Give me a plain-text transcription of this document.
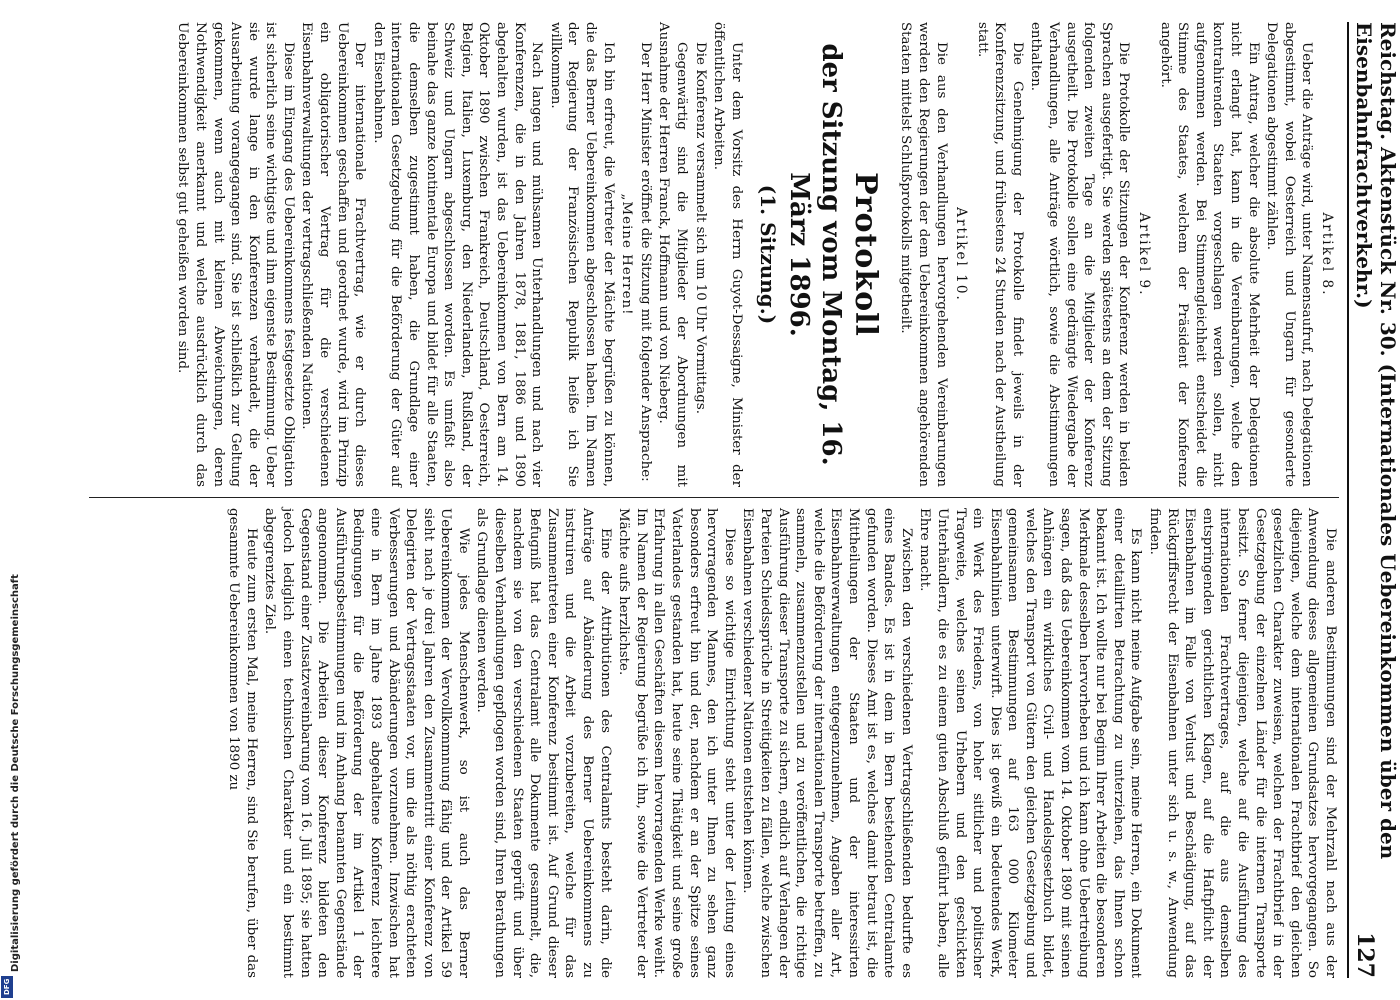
Reichstag. Aktenstück Nr. 30. (Internationales Uebereinkommen über den Eisenbahnfrachtverkehr.)
127
Artikel 8.

Ueber die Anträge wird, unter Namensaufruf, nach Delegationen abgestimmt, wobei Oesterreich und Ungarn für gesonderte Delegationen abgestimmt zählen.

Ein Antrag, welcher die absolute Mehrheit der Delegationen nicht erlangt hat, kann in die Vereinbarungen, welche den kontrahirenden Staaten vorgeschlagen werden sollen, nicht aufgenommen werden. Bei Stimmengleichheit entscheidet die Stimme des Staates, welchem der Präsident der Konferenz angehört.

Artikel 9.

Die Protokolle der Sitzungen der Konferenz werden in beiden Sprachen ausgefertigt. Sie werden spätestens an dem der Sitzung folgenden zweiten Tage an die Mitglieder der Konferenz ausgetheilt. Die Protokolle sollen eine gedrängte Wiedergabe der Verhandlungen, alle Anträge wörtlich, sowie die Abstimmungen enthalten.

Die Genehmigung der Protokolle findet jeweils in der Konferenzsitzung, und frühestens 24 Stunden nach der Austheilung statt.

Artikel 10.

Die aus den Verhandlungen hervorgehenden Vereinbarungen werden den Regierungen der dem Uebereinkommen angehörenden Staaten mittelst Schlußprotokolls mitgetheilt.

Protokoll
der Sitzung vom Montag, 16. März 1896.
(1. Sitzung.)

Unter dem Vorsitz des Herrn Guyot-Dessaigne, Minister der öffentlichen Arbeiten.

Die Konferenz versammelt sich um 10 Uhr Vormittags.

Gegenwärtig sind die Mitglieder der Abordnungen mit Ausnahme der Herren Franck, Hoffmann und von Nieberg.

Der Herr Minister eröffnet die Sitzung mit folgender Ansprache:

„Meine Herren!

Ich bin erfreut, die Vertreter der Mächte begrüßen zu können, die das Berner Uebereinkommen abgeschlossen haben. Im Namen der Regierung der Französischen Republik heiße ich Sie willkommen.

Nach langen und mühsamen Unterhandlungen und nach vier Konferenzen, die in den Jahren 1878, 1881, 1886 und 1890 abgehalten wurden, ist das Uebereinkommen von Bern am 14. Oktober 1890 zwischen Frankreich, Deutschland, Oesterreich, Belgien, Italien, Luxemburg, den Niederlanden, Rußland, der Schweiz und Ungarn abgeschlossen worden. Es umfaßt also beinahe das ganze kontinentale Europa und bildet für alle Staaten, die demselben zugestimmt haben, die Grundlage einer internationalen Gesetzgebung für die Beförderung der Güter auf den Eisenbahnen.

Der internationale Frachtvertrag, wie er durch dieses Uebereinkommen geschaffen und geordnet wurde, wird im Prinzip ein obligatorischer Vertrag für die verschiedenen Eisenbahnverwaltungen der vertragschließenden Nationen.

Diese im Eingang des Uebereinkommens festgesetzte Obligation ist sicherlich seine wichtigste und ihm eigenste Bestimmung. Ueber sie wurde lange in den Konferenzen verhandelt, die der Ausarbeitung vorangegangen sind. Sie ist schließlich zur Geltung gekommen, wenn auch mit kleinen Abweichungen, deren Nothwendigkeit anerkannt und welche ausdrücklich durch das Uebereinkommen selbst gut geheißen worden sind.

Die anderen Bestimmungen sind der Mehrzahl nach aus der Anwendung dieses allgemeinen Grundsatzes hervorgegangen. So diejenigen, welche dem internationalen Frachtbrief den gleichen gesetzlichen Charakter zuweisen, welchen der Frachtbrief in der Gesetzgebung der einzelnen Länder für die internen Transporte besitzt. So ferner diejenigen, welche auf die Ausführung des internationalen Frachtvertrages, auf die aus demselben entspringenden gerichtlichen Klagen, auf die Haftpflicht der Eisenbahnen im Falle von Verlust und Beschädigung, auf das Rückgriffsrecht der Eisenbahnen unter sich u. s. w., Anwendung finden.

Es kann nicht meine Aufgabe sein, meine Herren, ein Dokument einer detaillirten Betrachtung zu unterziehen, das Ihnen schon bekannt ist. Ich wollte nur bei Beginn Ihrer Arbeiten die besonderen Merkmale desselben hervorheben und ich kann ohne Uebertreibung sagen, daß das Uebereinkommen vom 14. Oktober 1890 mit seinen Anhängen ein wirkliches Civil- und Handelsgesetzbuch bildet, welches den Transport von Gütern den gleichen Gesetzgebung und gemeinsamen Bestimmungen auf 163 000 Kilometer Eisenbahnlinien unterwirft. Dies ist gewiß ein bedeutendes Werk, ein Werk des Friedens, von hoher sittlicher und politischer Tragweite, welches seinen Urhebern und den geschickten Unterhändlern, die es zu einem guten Abschluß geführt haben, alle Ehre macht.

Zwischen den verschiedenen Vertragschließenden bedurfte es eines Bandes. Es ist in dem in Bern bestehenden Centralamte gefunden worden. Dieses Amt ist es, welches damit betraut ist, die Mittheilungen der Staaten und der interessirten Eisenbahnverwaltungen entgegenzunehmen, Angaben aller Art, welche die Beförderung der internationalen Transporte betreffen, zu sammeln, zusammenzustellen und zu veröffentlichen, die richtige Ausführung dieser Transporte zu sichern, endlich auf Verlangen der Parteien Schiedssprüche in Streitigkeiten zu fällen, welche zwischen Eisenbahnen verschiedener Nationen entstehen können.

Diese so wichtige Einrichtung steht unter der Leitung eines hervorragenden Mannes, den ich unter Ihnen zu sehen ganz besonders erfreut bin und der, nachdem er an der Spitze seines Vaterlandes gestanden hat, heute seine Thätigkeit und seine große Erfahrung in allen Geschäften diesem hervorragenden Werke weiht. Im Namen der Regierung begrüße ich ihn, sowie die Vertreter der Mächte aufs herzlichste.

Eine der Attributionen des Centralamts besteht darin, die Anträge auf Abänderung des Berner Uebereinkommens zu instruiren und die Arbeit vorzubereiten, welche für das Zusammentreten einer Konferenz bestimmt ist. Auf Grund dieser Befugniß hat das Centralamt alle Dokumente gesammelt, die, nachdem sie von den verschiedenen Staaten geprüft und über dieselben Verhandlungen gepflogen worden sind, Ihren Berathungen als Grundlage dienen werden.

Wie jedes Menschenwerk, so ist auch das Berner Uebereinkommen der Vervollkommnung fähig und der Artikel 59 sieht nach je drei Jahren den Zusammentritt einer Konferenz von Delegirten der Vertragsstaaten vor, um die als nöthig erachteten Verbesserungen und Abänderungen vorzunehmen. Inzwischen hat eine in Bern im Jahre 1893 abgehaltene Konferenz leichtere Bedingungen für die Beförderung der im Artikel 1 der Ausführungsbestimmungen und im Anhang benannten Gegenstände angenommen. Die Arbeiten dieser Konferenz bildeten den Gegenstand einer Zusatzvereinbarung vom 16. Juli 1895; sie hatten jedoch lediglich einen technischen Charakter und ein bestimmt abgegrenztes Ziel.

Heute zum ersten Mal, meine Herren, sind Sie berufen, über das gesammte Uebereinkommen von 1890 zu

Digitalisierung gefördert durch die Deutsche Forschungsgemeinschaft
DFG
